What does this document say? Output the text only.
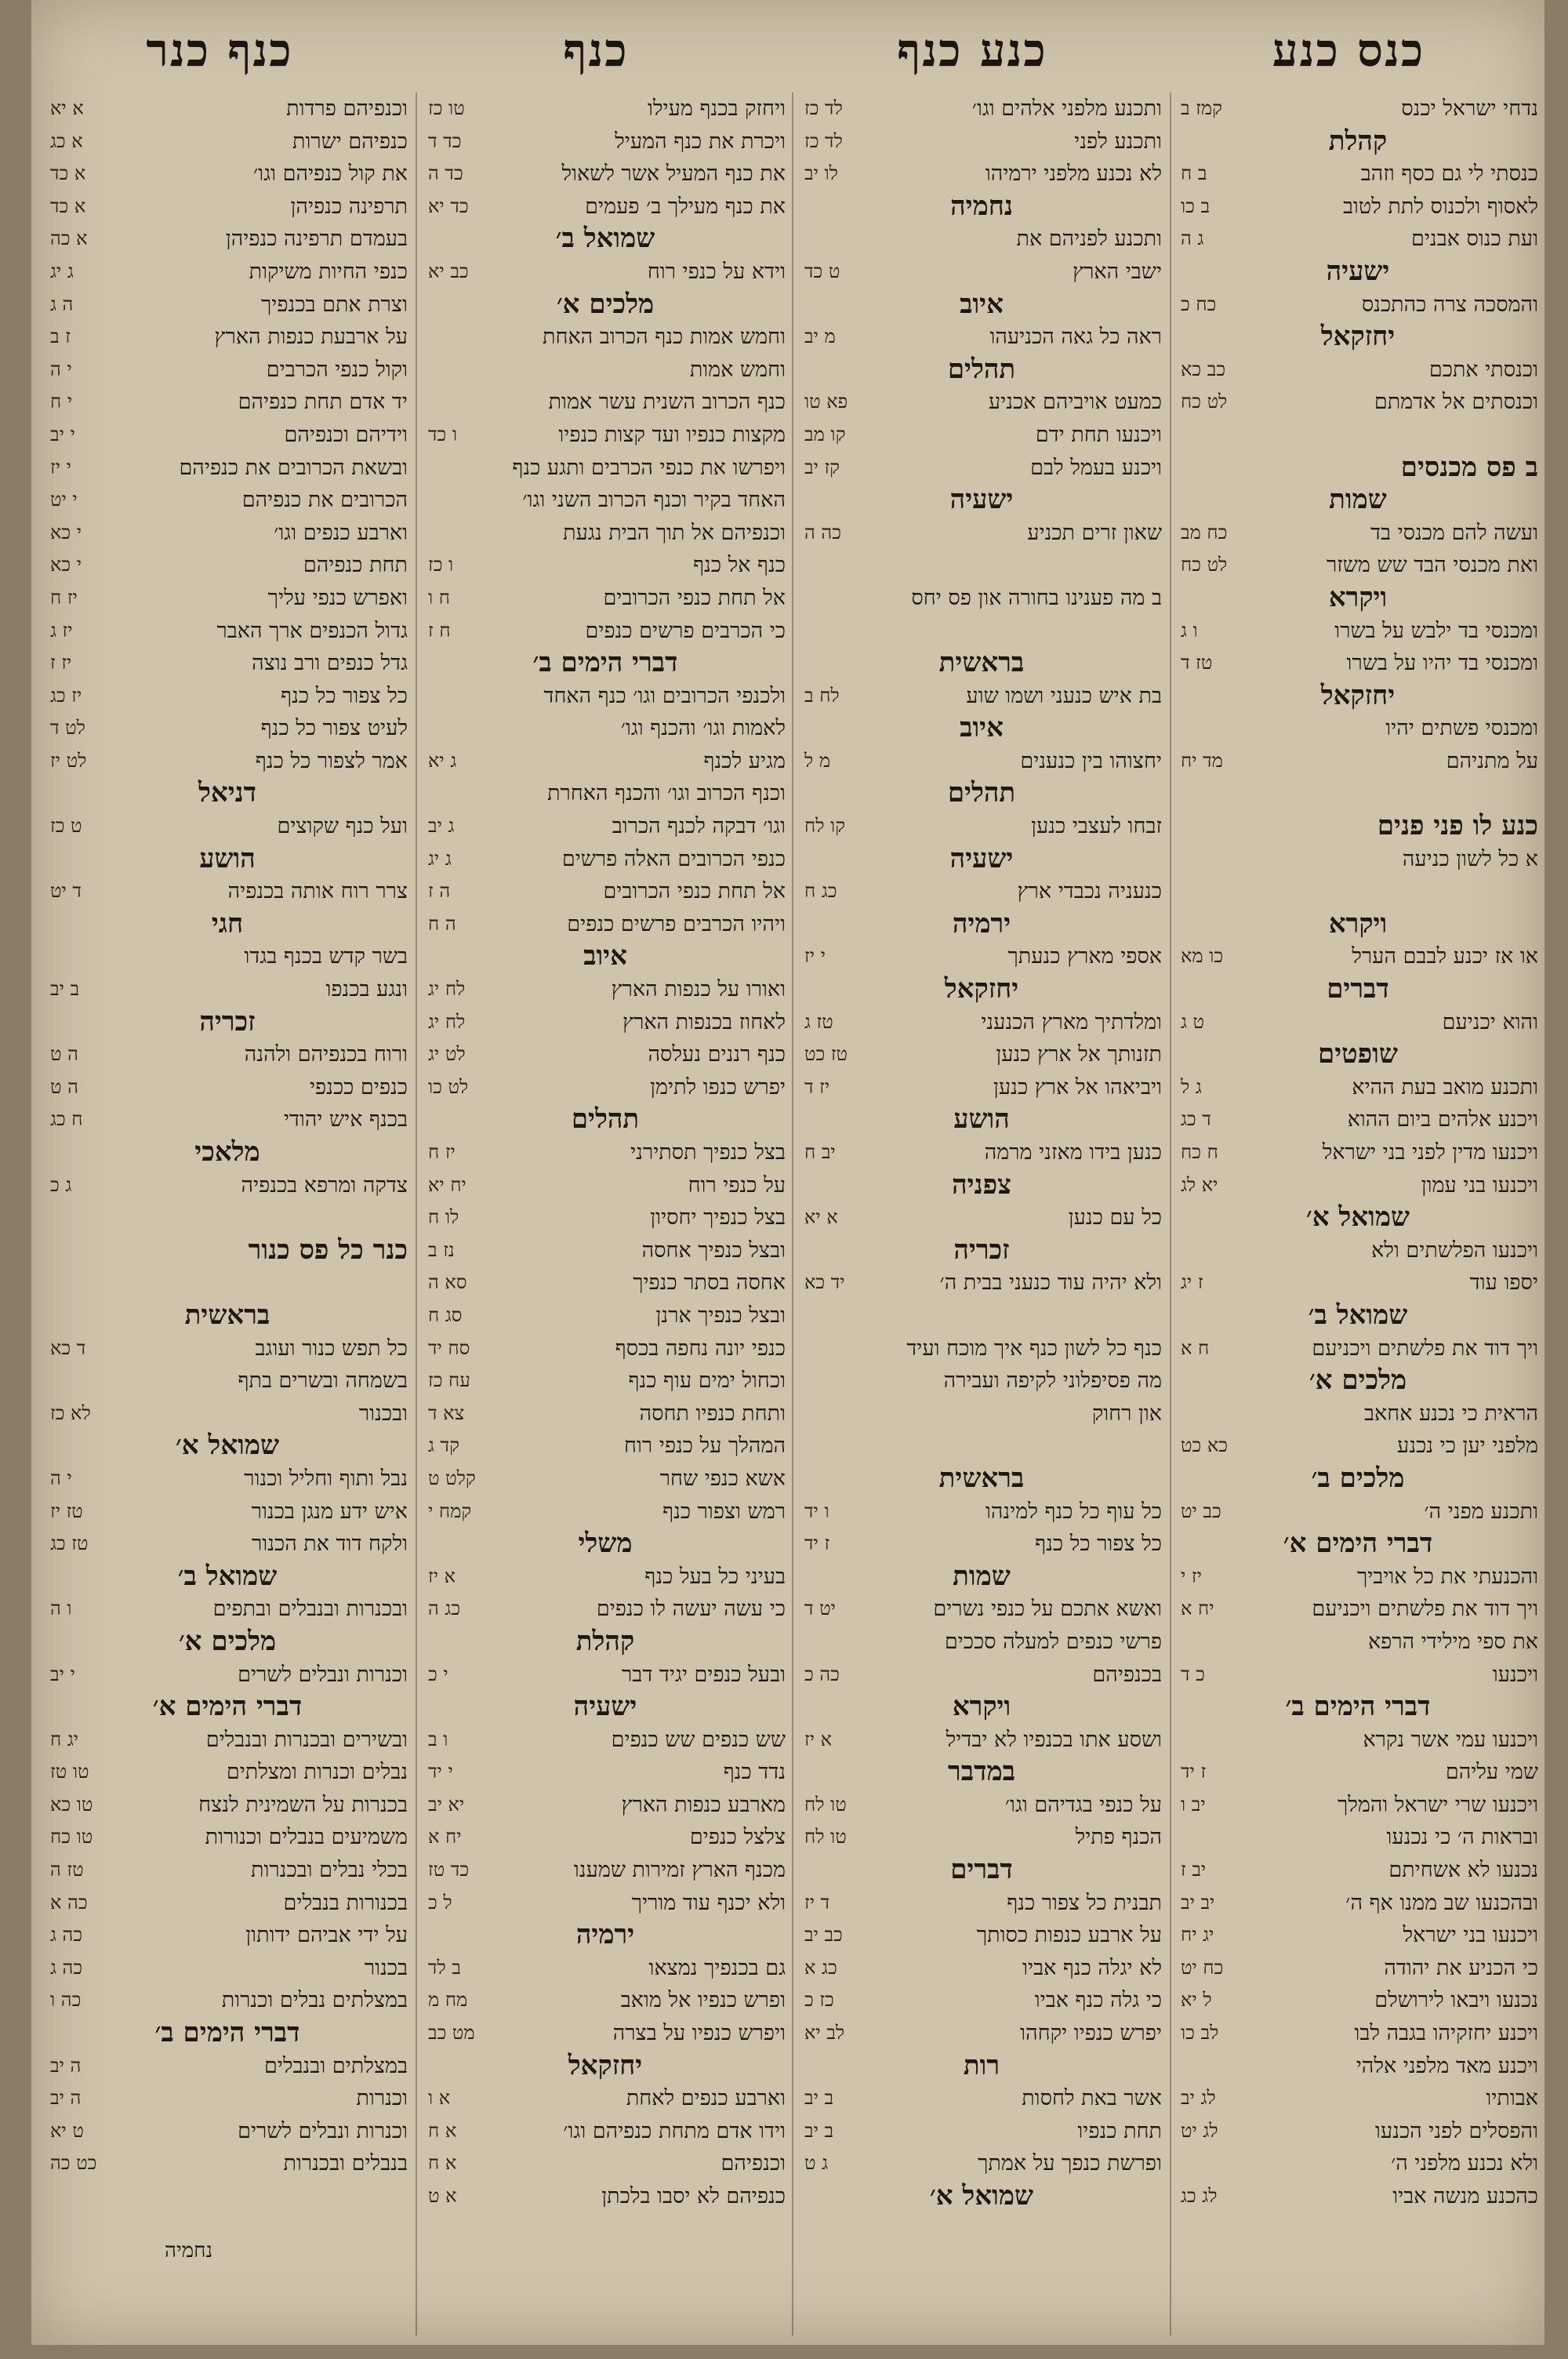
כנס כנע
כנע כנף
כנף
כנף כנר
נדחי ישראל יכנס
קמז ב
קהלת
כנסתי לי גם כסף וזהב
ב ח
לאסוף ולכנוס לתת לטוב
ב כו
ועת כנוס אבנים
ג ה
ישעיה
והמסכה צרה כהתכנס
כח כ
יחזקאל
וכנסתי אתכם
כב כא
וכנסתים אל אדמתם
לט כח
ב פס מכנסים
שמות
ועשה להם מכנסי בד
כח מב
ואת מכנסי הבד שש משזר
לט כח
ויקרא
ומכנסי בד ילבש על בשרו
ו ג
ומכנסי בד יהיו על בשרו
טז ד
יחזקאל
ומכנסי פשתים יהיו
על מתניהם
מד יח
כנע לו פני פנים
א כל לשון כניעה
ויקרא
או אז יכנע לבבם הערל
כו מא
דברים
והוא יכניעם
ט ג
שופטים
ותכנע מואב בעת ההיא
ג ל
ויכנע אלהים ביום ההוא
ד כג
ויכנעו מדין לפני בני ישראל
ח כח
ויכנעו בני עמון
יא לג
שמואל א׳
ויכנעו הפלשתים ולא
יספו עוד
ז יג
שמואל ב׳
ויך דוד את פלשתים ויכניעם
ח א
מלכים א׳
הראית כי נכנע אחאב
מלפני יען כי נכנע
כא כט
מלכים ב׳
ותכנע מפני ה׳
כב יט
דברי הימים א׳
והכנעתי את כל אויביך
יז י
ויך דוד את פלשתים ויכניעם
יח א
את ספי מילידי הרפא
ויכנעו
כ ד
דברי הימים ב׳
ויכנעו עמי אשר נקרא
שמי עליהם
ז יד
ויכנעו שרי ישראל והמלך
יב ו
ובראות ה׳ כי נכנעו
נכנעו לא אשחיתם
יב ז
ובהכנעו שב ממנו אף ה׳
יב יב
ויכנעו בני ישראל
יג יח
כי הכניע את יהודה
כח יט
נכנעו ויבאו לירושלם
ל יא
ויכנע יחזקיהו בגבה לבו
לב כו
ויכנע מאד מלפני אלהי
אבותיו
לג יב
והפסלים לפני הכנעו
לג יט
ולא נכנע מלפני ה׳
כהכנע מנשה אביו
לג כג
ותכנע מלפני אלהים וגו׳
לד כז
ותכנע לפני
לד כז
לא נכנע מלפני ירמיהו
לו יב
נחמיה
ותכנע לפניהם את
ישבי הארץ
ט כד
איוב
ראה כל גאה הכניעהו
מ יב
תהלים
כמעט אויביהם אכניע
פא טו
ויכנעו תחת ידם
קו מב
ויכנע בעמל לבם
קז יב
ישעיה
שאון זרים תכניע
כה ה
ב מה פענינו בחורה און פס יחס
בראשית
בת איש כנעני ושמו שוע
לח ב
איוב
יחצוהו בין כנענים
מ ל
תהלים
זבחו לעצבי כנען
קו לח
ישעיה
כנעניה נכבדי ארץ
כג ח
ירמיה
אספי מארץ כנעתך
י יז
יחזקאל
ומלדתיך מארץ הכנעני
טז ג
תזנותך אל ארץ כנען
טז כט
ויביאהו אל ארץ כנען
יז ד
הושע
כנען בידו מאזני מרמה
יב ח
צפניה
כל עם כנען
א יא
זכריה
ולא יהיה עוד כנעני בבית ה׳
יד כא
כנף כל לשון כנף איך מוכח ועיד
מה פסיפלוני לקיפה ועבירה
און רחוק
בראשית
כל עוף כל כנף למינהו
ו יד
כל צפור כל כנף
ז יד
שמות
ואשא אתכם על כנפי נשרים
יט ד
פרשי כנפים למעלה סככים
בכנפיהם
כה כ
ויקרא
ושסע אתו בכנפיו לא יבדיל
א יז
במדבר
על כנפי בגדיהם וגו׳
טו לח
הכנף פתיל
טו לח
דברים
תבנית כל צפור כנף
ד יז
על ארבע כנפות כסותך
כב יב
לא יגלה כנף אביו
כג א
כי גלה כנף אביו
כז כ
יפרש כנפיו יקחהו
לב יא
רות
אשר באת לחסות
ב יב
תחת כנפיו
ב יב
ופרשת כנפך על אמתך
ג ט
שמואל א׳
ויחזק בכנף מעילו
טו כז
ויכרת את כנף המעיל
כד ד
את כנף המעיל אשר לשאול
כד ה
את כנף מעילך ב׳ פעמים
כד יא
שמואל ב׳
וידא על כנפי רוח
כב יא
מלכים א׳
וחמש אמות כנף הכרוב האחת
וחמש אמות
כנף הכרוב השנית עשר אמות
מקצות כנפיו ועד קצות כנפיו
ו כד
ויפרשו את כנפי הכרבים ותגע כנף
האחד בקיר וכנף הכרוב השני וגו׳
וכנפיהם אל תוך הבית נגעת
כנף אל כנף
ו כז
אל תחת כנפי הכרובים
ח ו
כי הכרבים פרשים כנפים
ח ז
דברי הימים ב׳
ולכנפי הכרובים וגו׳ כנף האחד
לאמות וגו׳ והכנף וגו׳
מגיע לכנף
ג יא
וכנף הכרוב וגו׳ והכנף האחרת
וגו׳ דבקה לכנף הכרוב
ג יב
כנפי הכרובים האלה פרשים
ג יג
אל תחת כנפי הכרובים
ה ז
ויהיו הכרבים פרשים כנפים
ה ח
איוב
ואורו על כנפות הארץ
לח יג
לאחוז בכנפות הארץ
לח יג
כנף רננים נעלסה
לט יג
יפרש כנפו לתימן
לט כו
תהלים
בצל כנפיך תסתירני
יז ח
על כנפי רוח
יח יא
בצל כנפיך יחסיון
לו ח
ובצל כנפיך אחסה
נז ב
אחסה בסתר כנפיך
סא ה
ובצל כנפיך ארנן
סג ח
כנפי יונה נחפה בכסף
סח יד
וכחול ימים עוף כנף
עח כז
ותחת כנפיו תחסה
צא ד
המהלך על כנפי רוח
קד ג
אשא כנפי שחר
קלט ט
רמש וצפור כנף
קמח י
משלי
בעיני כל בעל כנף
א יז
כי עשה יעשה לו כנפים
כג ה
קהלת
ובעל כנפים יגיד דבר
י כ
ישעיה
שש כנפים שש כנפים
ו ב
נדד כנף
י יד
מארבע כנפות הארץ
יא יב
צלצל כנפים
יח א
מכנף הארץ זמירות שמענו
כד טז
ולא יכנף עוד מוריך
ל כ
ירמיה
גם בכנפיך נמצאו
ב לד
ופרש כנפיו אל מואב
מח מ
ויפרש כנפיו על בצרה
מט כב
יחזקאל
וארבע כנפים לאחת
א ו
וידו אדם מתחת כנפיהם וגו׳
א ח
וכנפיהם
א ח
כנפיהם לא יסבו בלכתן
א ט
וכנפיהם פרדות
א יא
כנפיהם ישרות
א כג
את קול כנפיהם וגו׳
א כד
תרפינה כנפיהן
א כד
בעמדם תרפינה כנפיהן
א כה
כנפי החיות משיקות
ג יג
וצרת אתם בכנפיך
ה ג
על ארבעת כנפות הארץ
ז ב
וקול כנפי הכרבים
י ה
יד אדם תחת כנפיהם
י ח
וידיהם וכנפיהם
י יב
ובשאת הכרובים את כנפיהם
י יז
הכרובים את כנפיהם
י יט
וארבע כנפים וגו׳
י כא
תחת כנפיהם
י כא
ואפרש כנפי עליך
יז ח
גדול הכנפים ארך האבר
יז ג
גדל כנפים ורב נוצה
יז ז
כל צפור כל כנף
יז כג
לעיט צפור כל כנף
לט ד
אמר לצפור כל כנף
לט יז
דניאל
ועל כנף שקוצים
ט כז
הושע
צרר רוח אותה בכנפיה
ד יט
חגי
בשר קדש בכנף בגדו
ונגע בכנפו
ב יב
זכריה
ורוח בכנפיהם ולהנה
ה ט
כנפים ככנפי
ה ט
בכנף איש יהודי
ח כג
מלאכי
צדקה ומרפא בכנפיה
ג כ
כנר כל פס כנור
בראשית
כל תפש כנור ועוגב
ד כא
בשמחה ובשרים בתף
ובכנור
לא כז
שמואל א׳
נבל ותוף וחליל וכנור
י ה
איש ידע מנגן בכנור
טז יז
ולקח דוד את הכנור
טז כג
שמואל ב׳
ובכנרות ובנבלים ובתפים
ו ה
מלכים א׳
וכנרות ונבלים לשרים
י יב
דברי הימים א׳
ובשירים ובכנרות ובנבלים
יג ח
נבלים וכנרות ומצלתים
טו טז
בכנרות על השמינית לנצח
טו כא
משמיעים בנבלים וכנורות
טו כח
בכלי נבלים ובכנרות
טז ה
בכנורות בנבלים
כה א
על ידי אביהם ידותון
כה ג
בכנור
כה ג
במצלתים נבלים וכנרות
כה ו
דברי הימים ב׳
במצלתים ובנבלים
ה יב
וכנרות
ה יב
וכנרות ונבלים לשרים
ט יא
בנבלים ובכנרות
כט כה
נחמיה
